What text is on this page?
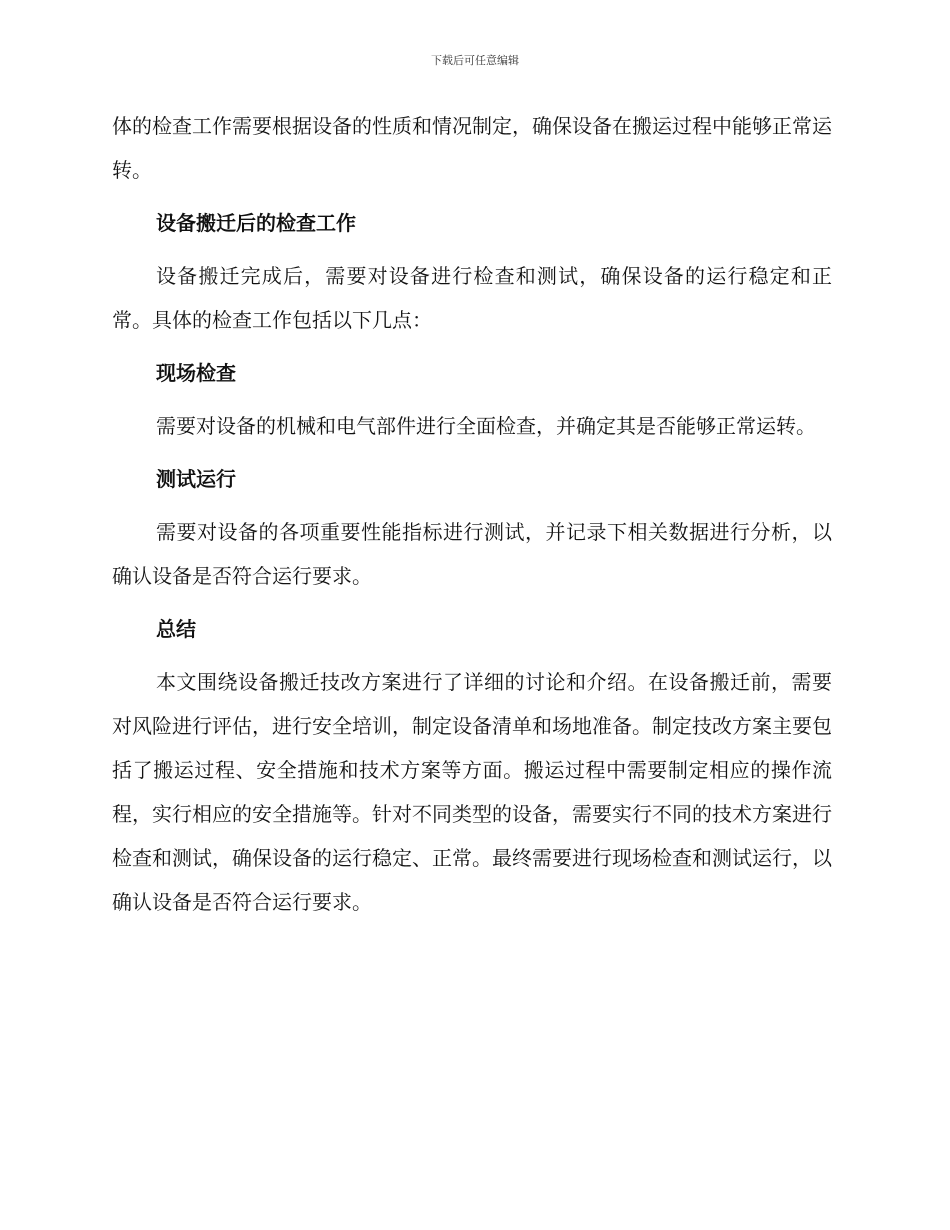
下载后可任意编辑

体的检查工作需要根据设备的性质和情况制定，确保设备在搬运过程中能够正常运转。

设备搬迁后的检查工作

设备搬迁完成后，需要对设备进行检查和测试，确保设备的运行稳定和正常。具体的检查工作包括以下几点：

现场检查

需要对设备的机械和电气部件进行全面检查，并确定其是否能够正常运转。

测试运行

需要对设备的各项重要性能指标进行测试，并记录下相关数据进行分析，以确认设备是否符合运行要求。

总结

本文围绕设备搬迁技改方案进行了详细的讨论和介绍。在设备搬迁前，需要对风险进行评估，进行安全培训，制定设备清单和场地准备。制定技改方案主要包括了搬运过程、安全措施和技术方案等方面。搬运过程中需要制定相应的操作流程，实行相应的安全措施等。针对不同类型的设备，需要实行不同的技术方案进行检查和测试，确保设备的运行稳定、正常。最终需要进行现场检查和测试运行，以确认设备是否符合运行要求。
